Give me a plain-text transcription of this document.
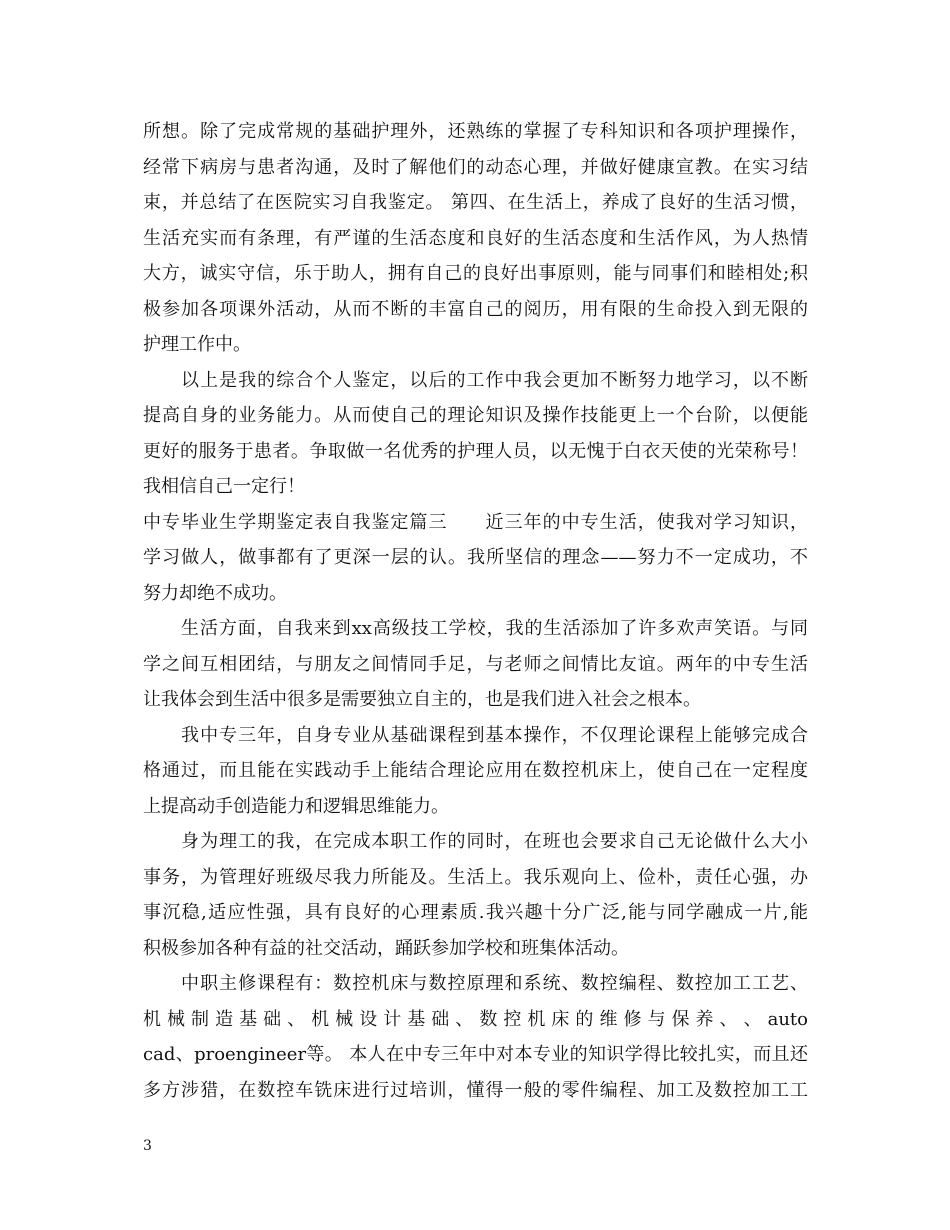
所想。除了完成常规的基础护理外，还熟练的掌握了专科知识和各项护理操作，
经常下病房与患者沟通，及时了解他们的动态心理，并做好健康宣教。在实习结
束，并总结了在医院实习自我鉴定。 第四、在生活上，养成了良好的生活习惯，
生活充实而有条理，有严谨的生活态度和良好的生活态度和生活作风，为人热情
大方，诚实守信，乐于助人，拥有自己的良好出事原则，能与同事们和睦相处;积
极参加各项课外活动，从而不断的丰富自己的阅历，用有限的生命投入到无限的
护理工作中。
　　以上是我的综合个人鉴定，以后的工作中我会更加不断努力地学习，以不断
提高自身的业务能力。从而使自己的理论知识及操作技能更上一个台阶，以便能
更好的服务于患者。争取做一名优秀的护理人员，以无愧于白衣天使的光荣称号！
我相信自己一定行！
中专毕业生学期鉴定表自我鉴定篇三　　近三年的中专生活，使我对学习知识，
学习做人，做事都有了更深一层的认。我所坚信的理念——努力不一定成功，不
努力却绝不成功。
　　生活方面，自我来到xx高级技工学校，我的生活添加了许多欢声笑语。与同
学之间互相团结，与朋友之间情同手足，与老师之间情比友谊。两年的中专生活
让我体会到生活中很多是需要独立自主的，也是我们进入社会之根本。
　　我中专三年，自身专业从基础课程到基本操作，不仅理论课程上能够完成合
格通过，而且能在实践动手上能结合理论应用在数控机床上，使自己在一定程度
上提高动手创造能力和逻辑思维能力。
　　身为理工的我，在完成本职工作的同时，在班也会要求自己无论做什么大小
事务，为管理好班级尽我力所能及。生活上。我乐观向上、俭朴，责任心强，办
事沉稳,适应性强，具有良好的心理素质.我兴趣十分广泛,能与同学融成一片,能
积极参加各种有益的社交活动，踊跃参加学校和班集体活动。
　　中职主修课程有：数控机床与数控原理和系统、数控编程、数控加工工艺、
机 械 制 造 基 础 、 机 械 设 计 基 础 、 数 控 机 床 的 维 修 与 保 养 、 、 auto
cad、proengineer等。 本人在中专三年中对本专业的知识学得比较扎实，而且还
多方涉猎，在数控车铣床进行过培训，懂得一般的零件编程、加工及数控加工工
3
